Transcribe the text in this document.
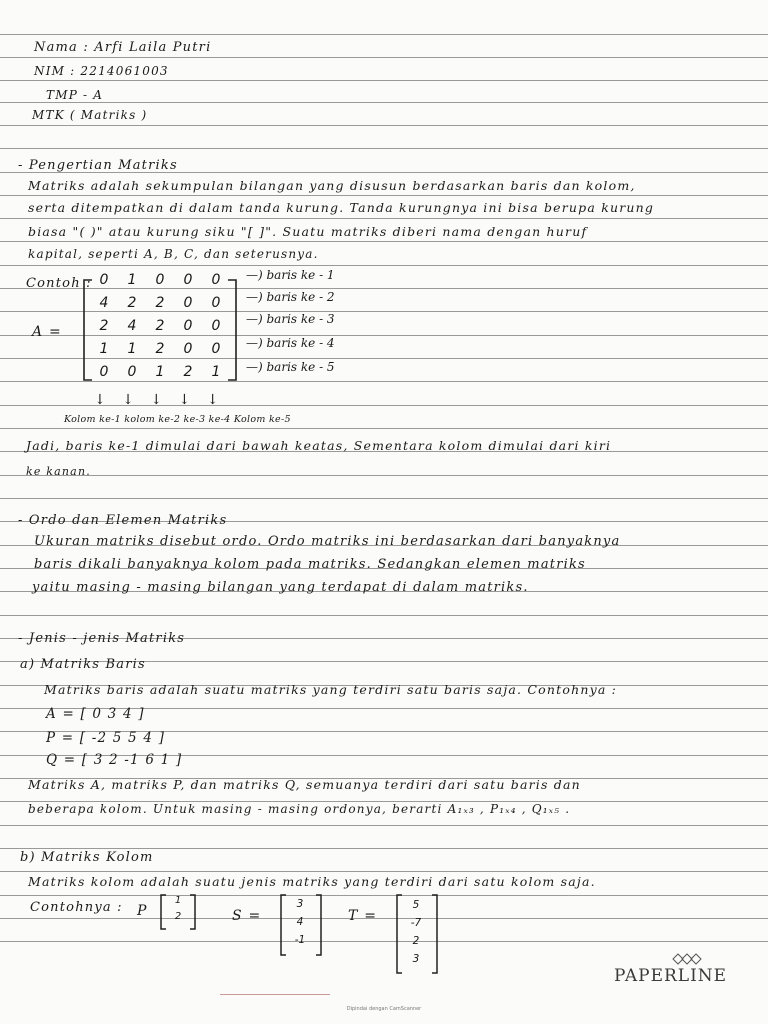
Nama : Arfi Laila Putri
NIM : 2214061003
TMP - A
MTK ( Matriks )
- Pengertian Matriks
Matriks adalah sekumpulan bilangan yang disusun berdasarkan baris dan kolom,
serta ditempatkan di dalam tanda kurung. Tanda kurungnya ini bisa berupa kurung
biasa "( )" atau kurung siku "[ ]". Suatu matriks diberi nama dengan huruf
kapital, seperti A, B, C, dan seterusnya.
Contoh :
A =
0	1	0	0	0
4	2	2	0	0
2	4	2	0	0
1	1	2	0	0
0	0	1	2	1
—) baris ke - 1
—) baris ke - 2
—) baris ke - 3
—) baris ke - 4
—) baris ke - 5
↓ ↓ ↓ ↓ ↓
Kolom ke-1 kolom ke-2 ke-3 ke-4 Kolom ke-5
Jadi, baris ke-1 dimulai dari bawah keatas, Sementara kolom dimulai dari kiri
ke kanan.
- Ordo dan Elemen Matriks
Ukuran matriks disebut ordo. Ordo matriks ini berdasarkan dari banyaknya
baris dikali banyaknya kolom pada matriks. Sedangkan elemen matriks
yaitu masing - masing bilangan yang terdapat di dalam matriks.
- Jenis - jenis Matriks
a) Matriks Baris
Matriks baris adalah suatu matriks yang terdiri satu baris saja. Contohnya :
A = [ 0 3 4 ]
P = [ -2 5 5 4 ]
Q = [ 3 2 -1 6 1 ]
Matriks A, matriks P, dan matriks Q, semuanya terdiri dari satu baris dan
beberapa kolom. Untuk masing - masing ordonya, berarti A₁ₓ₃ , P₁ₓ₄ , Q₁ₓ₅ .
b) Matriks Kolom
Matriks kolom adalah suatu jenis matriks yang terdiri dari satu kolom saja.
Contohnya : P
1
2	S =
3
4
-1
T =
5
-7
2
3
PAPERLINE
Dipindai dengan CamScanner
